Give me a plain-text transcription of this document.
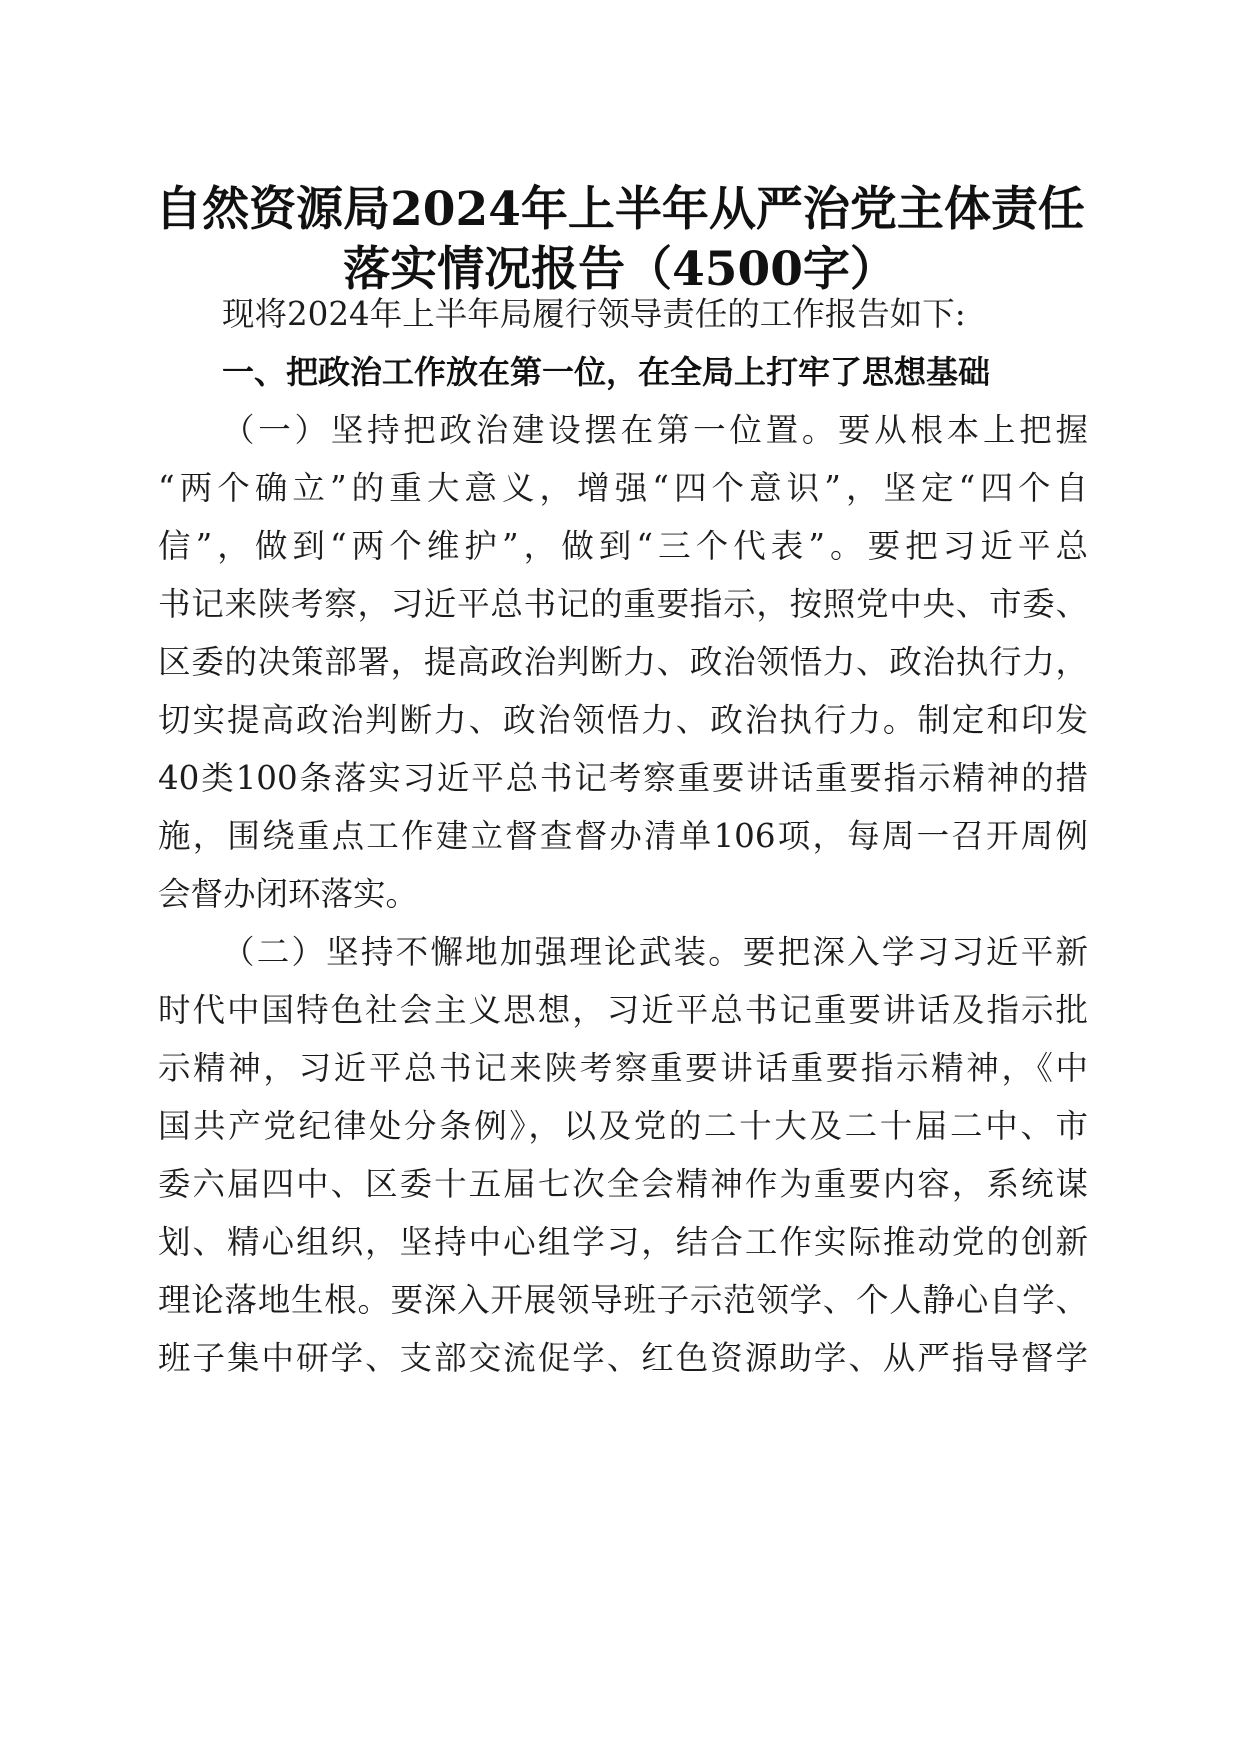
自然资源局2024年上半年从严治党主体责任
落实情况报告（4500字）

现将2024年上半年局履行领导责任的工作报告如下:

一、把政治工作放在第一位，在全局上打牢了思想基础

（一）坚持把政治建设摆在第一位置。要从根本上把握

“两个确立”的重大意义，增强“四个意识”，坚定“四个自

信”，做到“两个维护”，做到“三个代表”。要把习近平总

书记来陕考察，习近平总书记的重要指示，按照党中央、市委、

区委的决策部署，提高政治判断力、政治领悟力、政治执行力，

切实提高政治判断力、政治领悟力、政治执行力。制定和印发

40类100条落实习近平总书记考察重要讲话重要指示精神的措

施，围绕重点工作建立督查督办清单106项，每周一召开周例

会督办闭环落实。

（二）坚持不懈地加强理论武装。要把深入学习习近平新

时代中国特色社会主义思想，习近平总书记重要讲话及指示批

示精神，习近平总书记来陕考察重要讲话重要指示精神，《中

国共产党纪律处分条例》，以及党的二十大及二十届二中、市

委六届四中、区委十五届七次全会精神作为重要内容，系统谋

划、精心组织，坚持中心组学习，结合工作实际推动党的创新

理论落地生根。要深入开展领导班子示范领学、个人静心自学、

班子集中研学、支部交流促学、红色资源助学、从严指导督学
